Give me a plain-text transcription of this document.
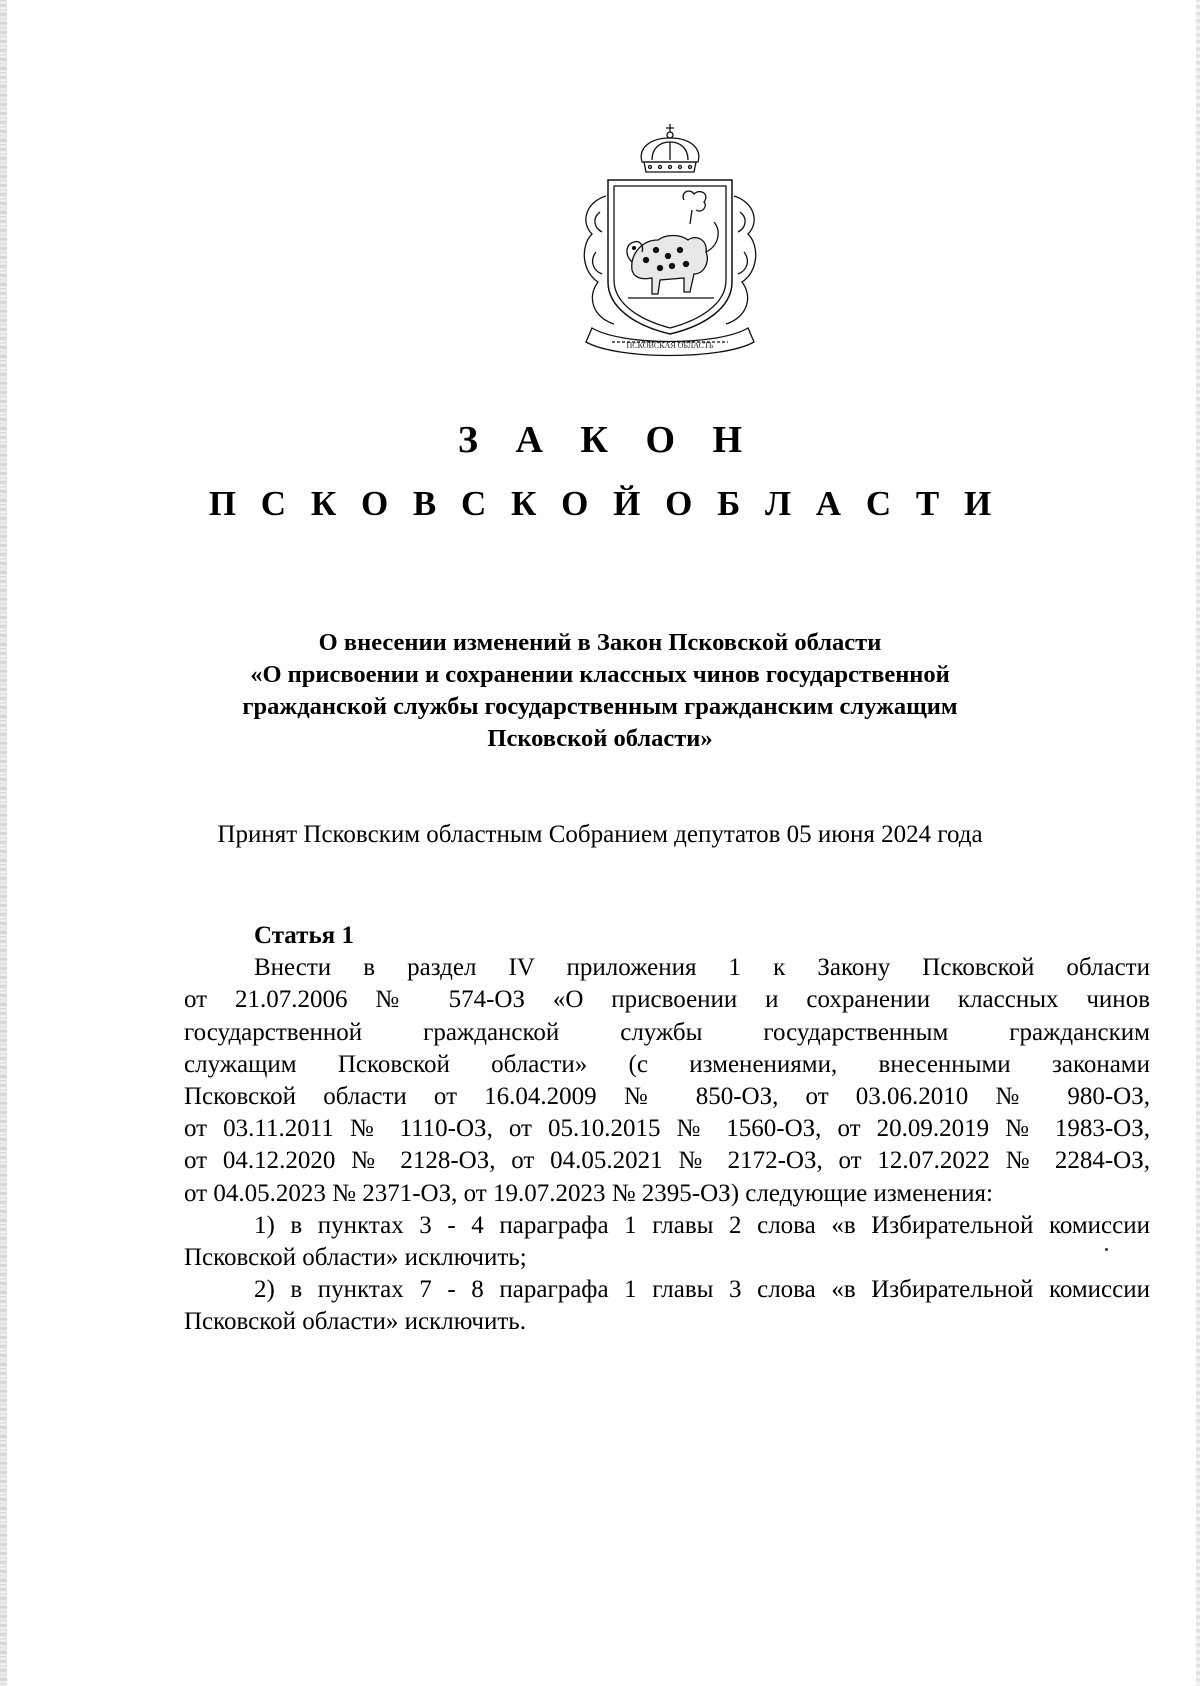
ПСКОВСКАЯ ОБЛАСТЬ
З А К О Н
П С К О В С К О Й О Б Л А С Т И
О внесении изменений в Закон Псковской области
«О присвоении и сохранении классных чинов государственной
гражданской службы государственным гражданским служащим
Псковской области»
Принят Псковским областным Собранием депутатов 05 июня 2024 года
Статья 1
Внести в раздел IV приложения 1 к Закону Псковской области
от 21.07.2006 № 574-ОЗ «О присвоении и сохранении классных чинов
государственной гражданской службы государственным гражданским
служащим Псковской области» (с изменениями, внесенными законами
Псковской области от 16.04.2009 № 850-ОЗ, от 03.06.2010 № 980-ОЗ,
от 03.11.2011 № 1110-ОЗ, от 05.10.2015 № 1560-ОЗ, от 20.09.2019 № 1983-ОЗ,
от 04.12.2020 № 2128-ОЗ, от 04.05.2021 № 2172-ОЗ, от 12.07.2022 № 2284-ОЗ,
от 04.05.2023 № 2371-ОЗ, от 19.07.2023 № 2395-ОЗ) следующие изменения:
1) в пунктах 3 - 4 параграфа 1 главы 2 слова «в Избирательной комиссии
Псковской области» исключить;
2) в пунктах 7 - 8 параграфа 1 главы 3 слова «в Избирательной комиссии
Псковской области» исключить.
